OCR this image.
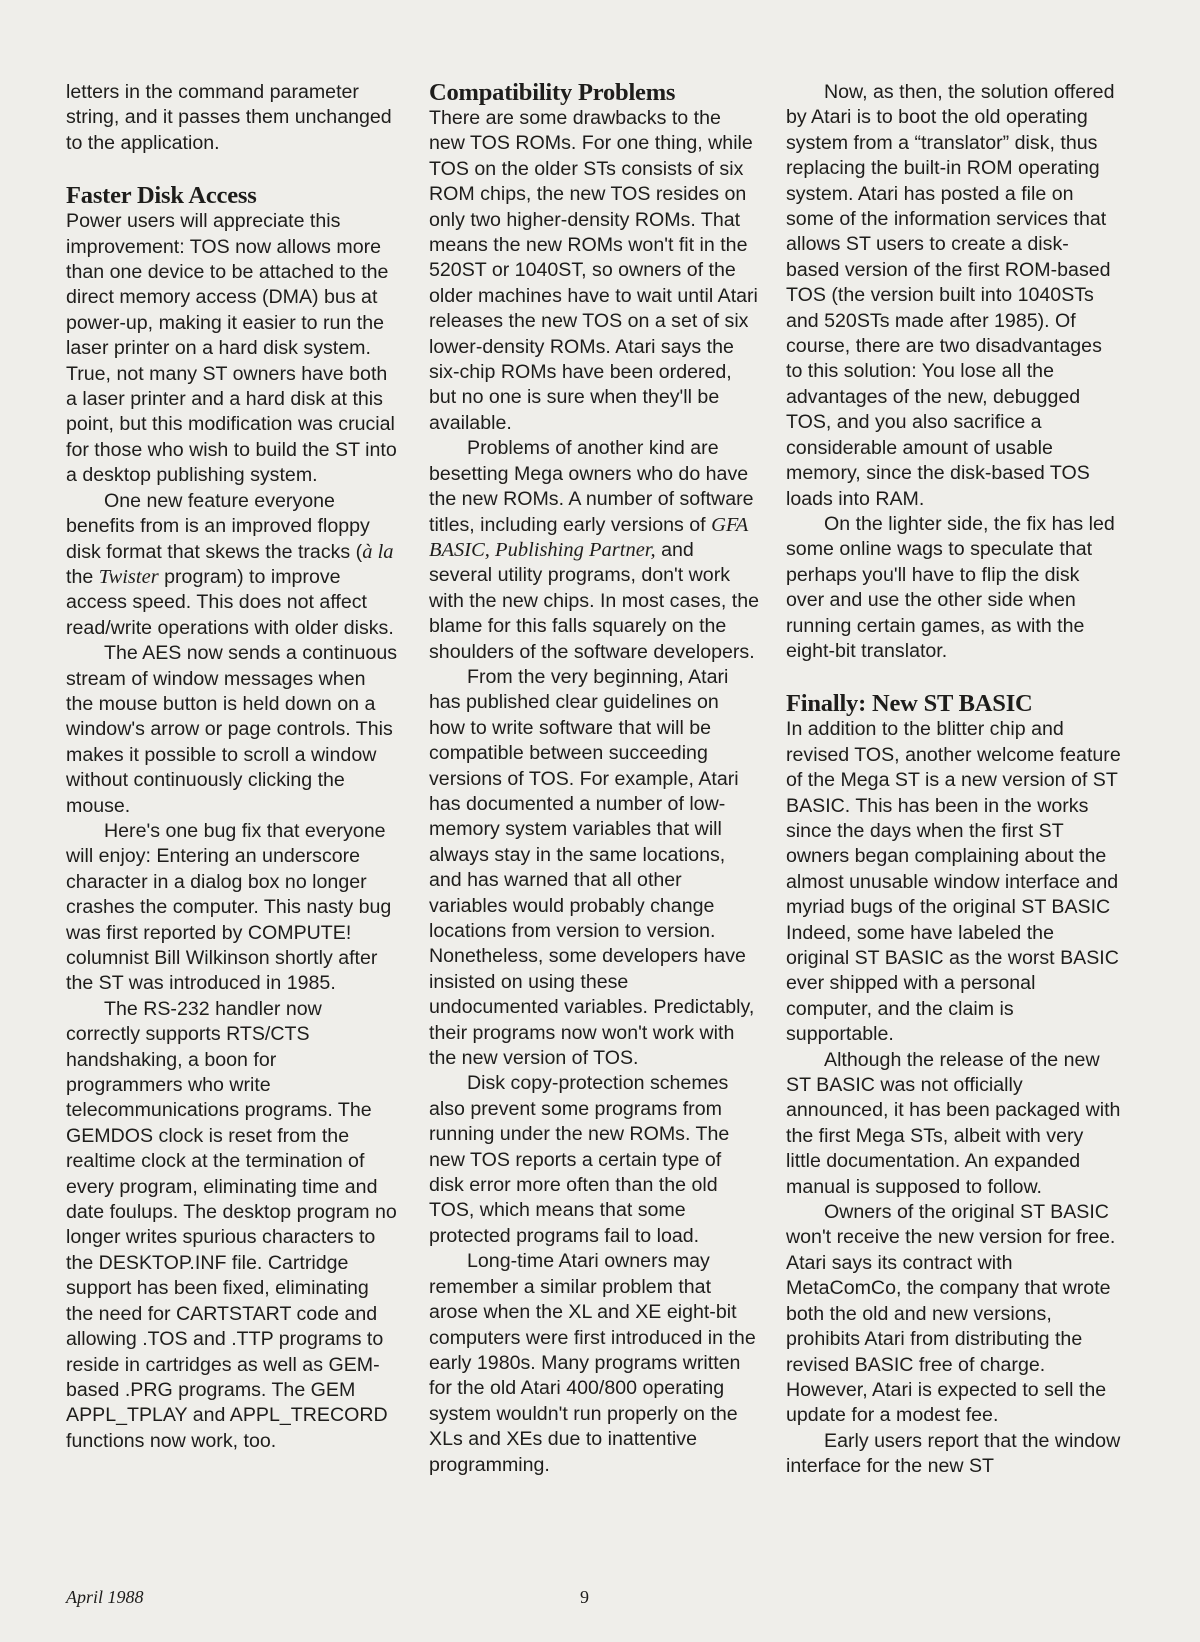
letters in the command parameter string, and it passes them unchanged to the application.

Faster Disk Access

Power users will appreciate this improvement: TOS now allows more than one device to be attached to the direct memory access (DMA) bus at power-up, making it easier to run the laser printer on a hard disk system. True, not many ST owners have both a laser printer and a hard disk at this point, but this modification was crucial for those who wish to build the ST into a desktop publishing system.

One new feature everyone benefits from is an improved floppy disk format that skews the tracks (à la the Twister program) to improve access speed. This does not affect read/write operations with older disks.

The AES now sends a continuous stream of window messages when the mouse button is held down on a window's arrow or page controls. This makes it possible to scroll a window without continuously clicking the mouse.

Here's one bug fix that everyone will enjoy: Entering an underscore character in a dialog box no longer crashes the computer. This nasty bug was first reported by COMPUTE! columnist Bill Wilkinson shortly after the ST was introduced in 1985.

The RS-232 handler now correctly supports RTS/CTS handshaking, a boon for programmers who write telecommunications programs. The GEMDOS clock is reset from the realtime clock at the termination of every program, eliminating time and date foulups. The desktop program no longer writes spurious characters to the DESKTOP.INF file. Cartridge support has been fixed, eliminating the need for CARTSTART code and allowing .TOS and .TTP programs to reside in cartridges as well as GEM-based .PRG programs. The GEM APPL_TPLAY and APPL_TRECORD functions now work, too.

Compatibility Problems

There are some drawbacks to the new TOS ROMs. For one thing, while TOS on the older STs consists of six ROM chips, the new TOS resides on only two higher-density ROMs. That means the new ROMs won't fit in the 520ST or 1040ST, so owners of the older machines have to wait until Atari releases the new TOS on a set of six lower-density ROMs. Atari says the six-chip ROMs have been ordered, but no one is sure when they'll be available.

Problems of another kind are besetting Mega owners who do have the new ROMs. A number of software titles, including early versions of GFA BASIC, Publishing Partner, and several utility programs, don't work with the new chips. In most cases, the blame for this falls squarely on the shoulders of the software developers.

From the very beginning, Atari has published clear guidelines on how to write software that will be compatible between succeeding versions of TOS. For example, Atari has documented a number of low-memory system variables that will always stay in the same locations, and has warned that all other variables would probably change locations from version to version. Nonetheless, some developers have insisted on using these undocumented variables. Predictably, their programs now won't work with the new version of TOS.

Disk copy-protection schemes also prevent some programs from running under the new ROMs. The new TOS reports a certain type of disk error more often than the old TOS, which means that some protected programs fail to load.

Long-time Atari owners may remember a similar problem that arose when the XL and XE eight-bit computers were first introduced in the early 1980s. Many programs written for the old Atari 400/800 operating system wouldn't run properly on the XLs and XEs due to inattentive programming.

Now, as then, the solution offered by Atari is to boot the old operating system from a “translator” disk, thus replacing the built-in ROM operating system. Atari has posted a file on some of the information services that allows ST users to create a disk-based version of the first ROM-based TOS (the version built into 1040STs and 520STs made after 1985). Of course, there are two disadvantages to this solution: You lose all the advantages of the new, debugged TOS, and you also sacrifice a considerable amount of usable memory, since the disk-based TOS loads into RAM.

On the lighter side, the fix has led some online wags to speculate that perhaps you'll have to flip the disk over and use the other side when running certain games, as with the eight-bit translator.

Finally: New ST BASIC

In addition to the blitter chip and revised TOS, another welcome feature of the Mega ST is a new version of ST BASIC. This has been in the works since the days when the first ST owners began complaining about the almost unusable window interface and myriad bugs of the original ST BASIC Indeed, some have labeled the original ST BASIC as the worst BASIC ever shipped with a personal computer, and the claim is supportable.

Although the release of the new ST BASIC was not officially announced, it has been packaged with the first Mega STs, albeit with very little documentation. An expanded manual is supposed to follow.

Owners of the original ST BASIC won't receive the new version for free. Atari says its contract with MetaComCo, the company that wrote both the old and new versions, prohibits Atari from distributing the revised BASIC free of charge. However, Atari is expected to sell the update for a modest fee.

Early users report that the window interface for the new ST

April 1988	9
